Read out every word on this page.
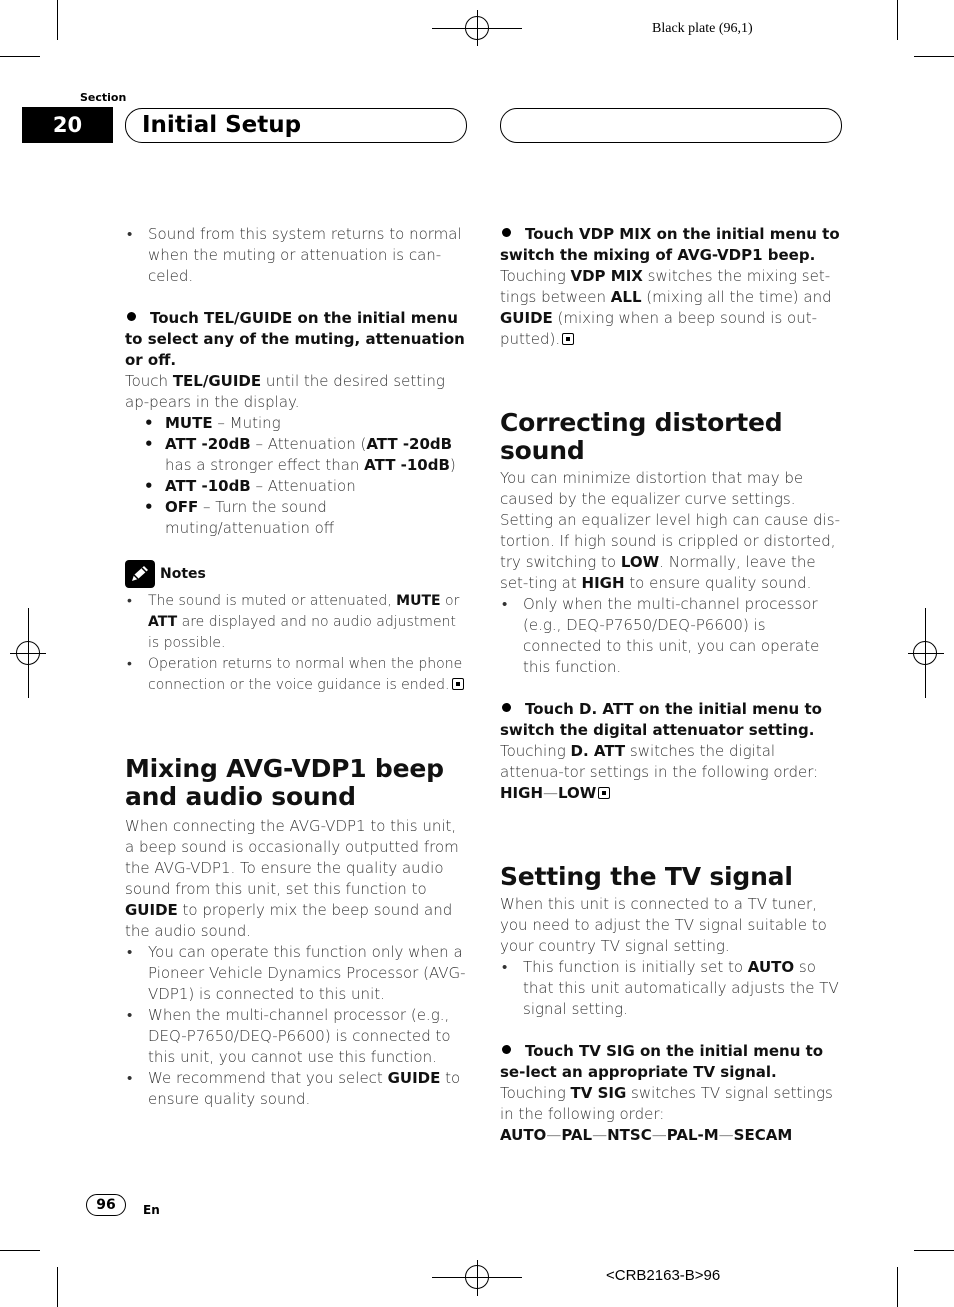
Black plate (96,1)
Section
20	Initial Setup

• Sound from this system returns to normal when the muting or attenuation is can-celed.

Touch TEL/GUIDE on the initial menu to select any of the muting, attenuation or off.

Touch TEL/GUIDE until the desired setting ap-pears in the display.

• MUTE – Muting

• ATT -20dB – Attenuation (ATT -20dB has a stronger effect than ATT -10dB)

• ATT -10dB – Attenuation

• OFF – Turn the sound muting/attenuation off

Notes

• The sound is muted or attenuated, MUTE or ATT are displayed and no audio adjustment is possible.

• Operation returns to normal when the phone connection or the voice guidance is ended.

Mixing AVG-VDP1 beep and audio sound

When connecting the AVG-VDP1 to this unit, a beep sound is occasionally outputted from the AVG-VDP1. To ensure the quality audio sound from this unit, set this function to GUIDE to properly mix the beep sound and the audio sound.

• You can operate this function only when a Pioneer Vehicle Dynamics Processor (AVG-VDP1) is connected to this unit.

• When the multi-channel processor (e.g., DEQ-P7650/DEQ-P6600) is connected to this unit, you cannot use this function.

• We recommend that you select GUIDE to ensure quality sound.

Touch VDP MIX on the initial menu to switch the mixing of AVG-VDP1 beep.

Touching VDP MIX switches the mixing set-tings between ALL (mixing all the time) and GUIDE (mixing when a beep sound is out-putted).

Correcting distorted sound

You can minimize distortion that may be caused by the equalizer curve settings. Setting an equalizer level high can cause dis-tortion. If high sound is crippled or distorted, try switching to LOW. Normally, leave the set-ting at HIGH to ensure quality sound.

• Only when the multi-channel processor (e.g., DEQ-P7650/DEQ-P6600) is connected to this unit, you can operate this function.

Touch D. ATT on the initial menu to switch the digital attenuator setting.

Touching D. ATT switches the digital attenua-tor settings in the following order:

HIGH—LOW

Setting the TV signal

When this unit is connected to a TV tuner, you need to adjust the TV signal suitable to your country TV signal setting.

• This function is initially set to AUTO so that this unit automatically adjusts the TV signal setting.

Touch TV SIG on the initial menu to se-lect an appropriate TV signal.

Touching TV SIG switches TV signal settings in the following order:

AUTO—PAL—NTSC—PAL-M—SECAM

96	En
<CRB2163-B>96
